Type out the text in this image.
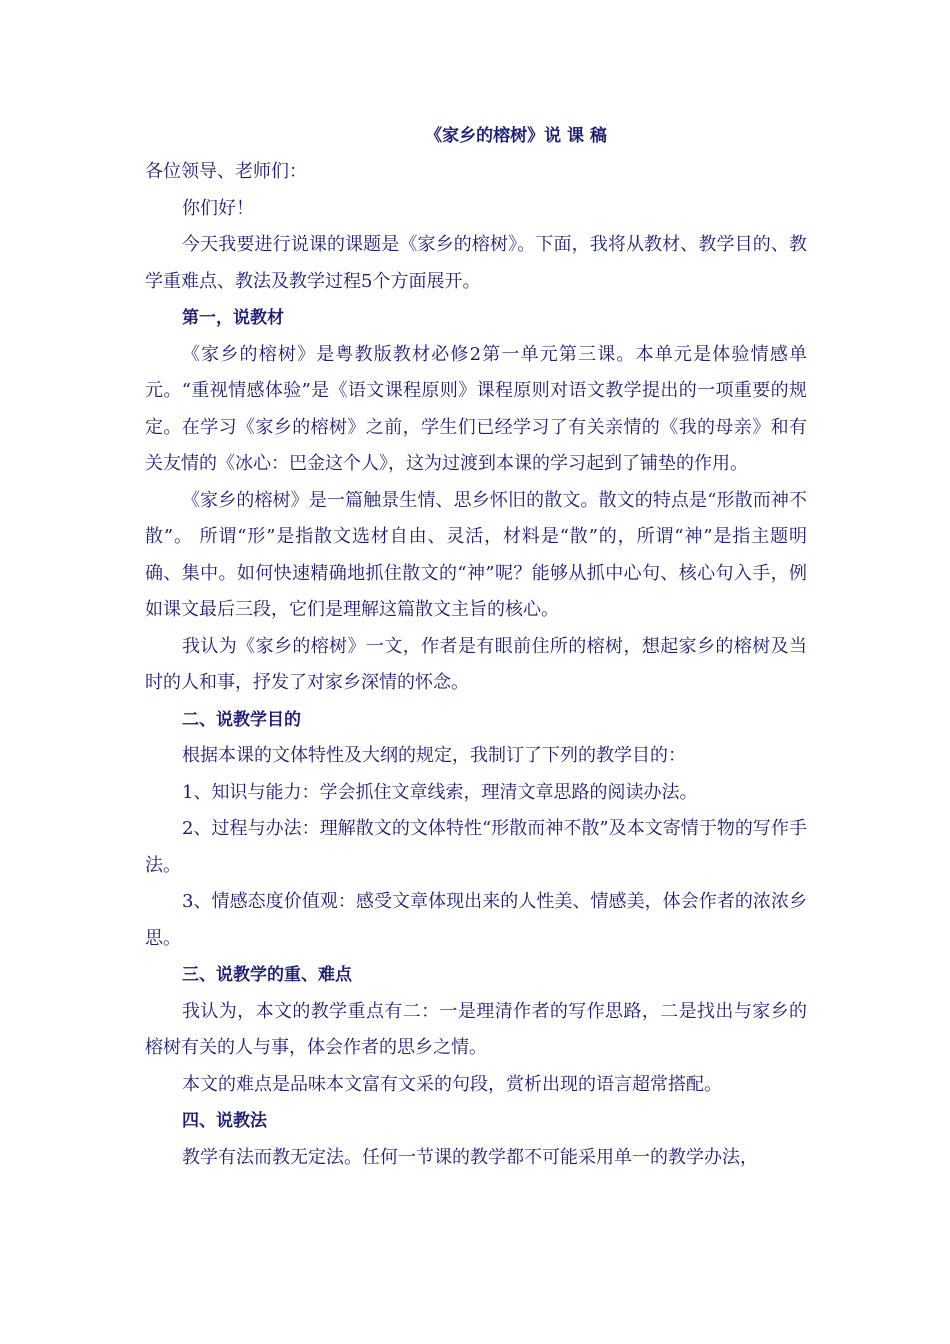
《家乡的榕树》说 课 稿

各位领导、老师们：

你们好！

今天我要进行说课的课题是《家乡的榕树》。下面，我将从教材、教学目的、教学重难点、教法及教学过程5个方面展开。

第一，说教材

《家乡的榕树》是粤教版教材必修2第一单元第三课。本单元是体验情感单元。“重视情感体验”是《语文课程原则》课程原则对语文教学提出的一项重要的规定。在学习《家乡的榕树》之前，学生们已经学习了有关亲情的《我的母亲》和有关友情的《冰心：巴金这个人》，这为过渡到本课的学习起到了铺垫的作用。

《家乡的榕树》是一篇触景生情、思乡怀旧的散文。散文的特点是“形散而神不散”。 所谓“形”是指散文选材自由、灵活，材料是“散”的，所谓“神”是指主题明确、集中。如何快速精确地抓住散文的“神”呢？能够从抓中心句、核心句入手，例如课文最后三段，它们是理解这篇散文主旨的核心。

我认为《家乡的榕树》一文，作者是有眼前住所的榕树，想起家乡的榕树及当时的人和事，抒发了对家乡深情的怀念。

二、说教学目的

根据本课的文体特性及大纲的规定，我制订了下列的教学目的：

1、知识与能力：学会抓住文章线索，理清文章思路的阅读办法。

2、过程与办法：理解散文的文体特性“形散而神不散”及本文寄情于物的写作手法。

3、情感态度价值观：感受文章体现出来的人性美、情感美，体会作者的浓浓乡思。

三、说教学的重、难点

我认为，本文的教学重点有二：一是理清作者的写作思路，二是找出与家乡的榕树有关的人与事，体会作者的思乡之情。

本文的难点是品味本文富有文采的句段，赏析出现的语言超常搭配。

四、说教法

教学有法而教无定法。任何一节课的教学都不可能采用单一的教学办法，
